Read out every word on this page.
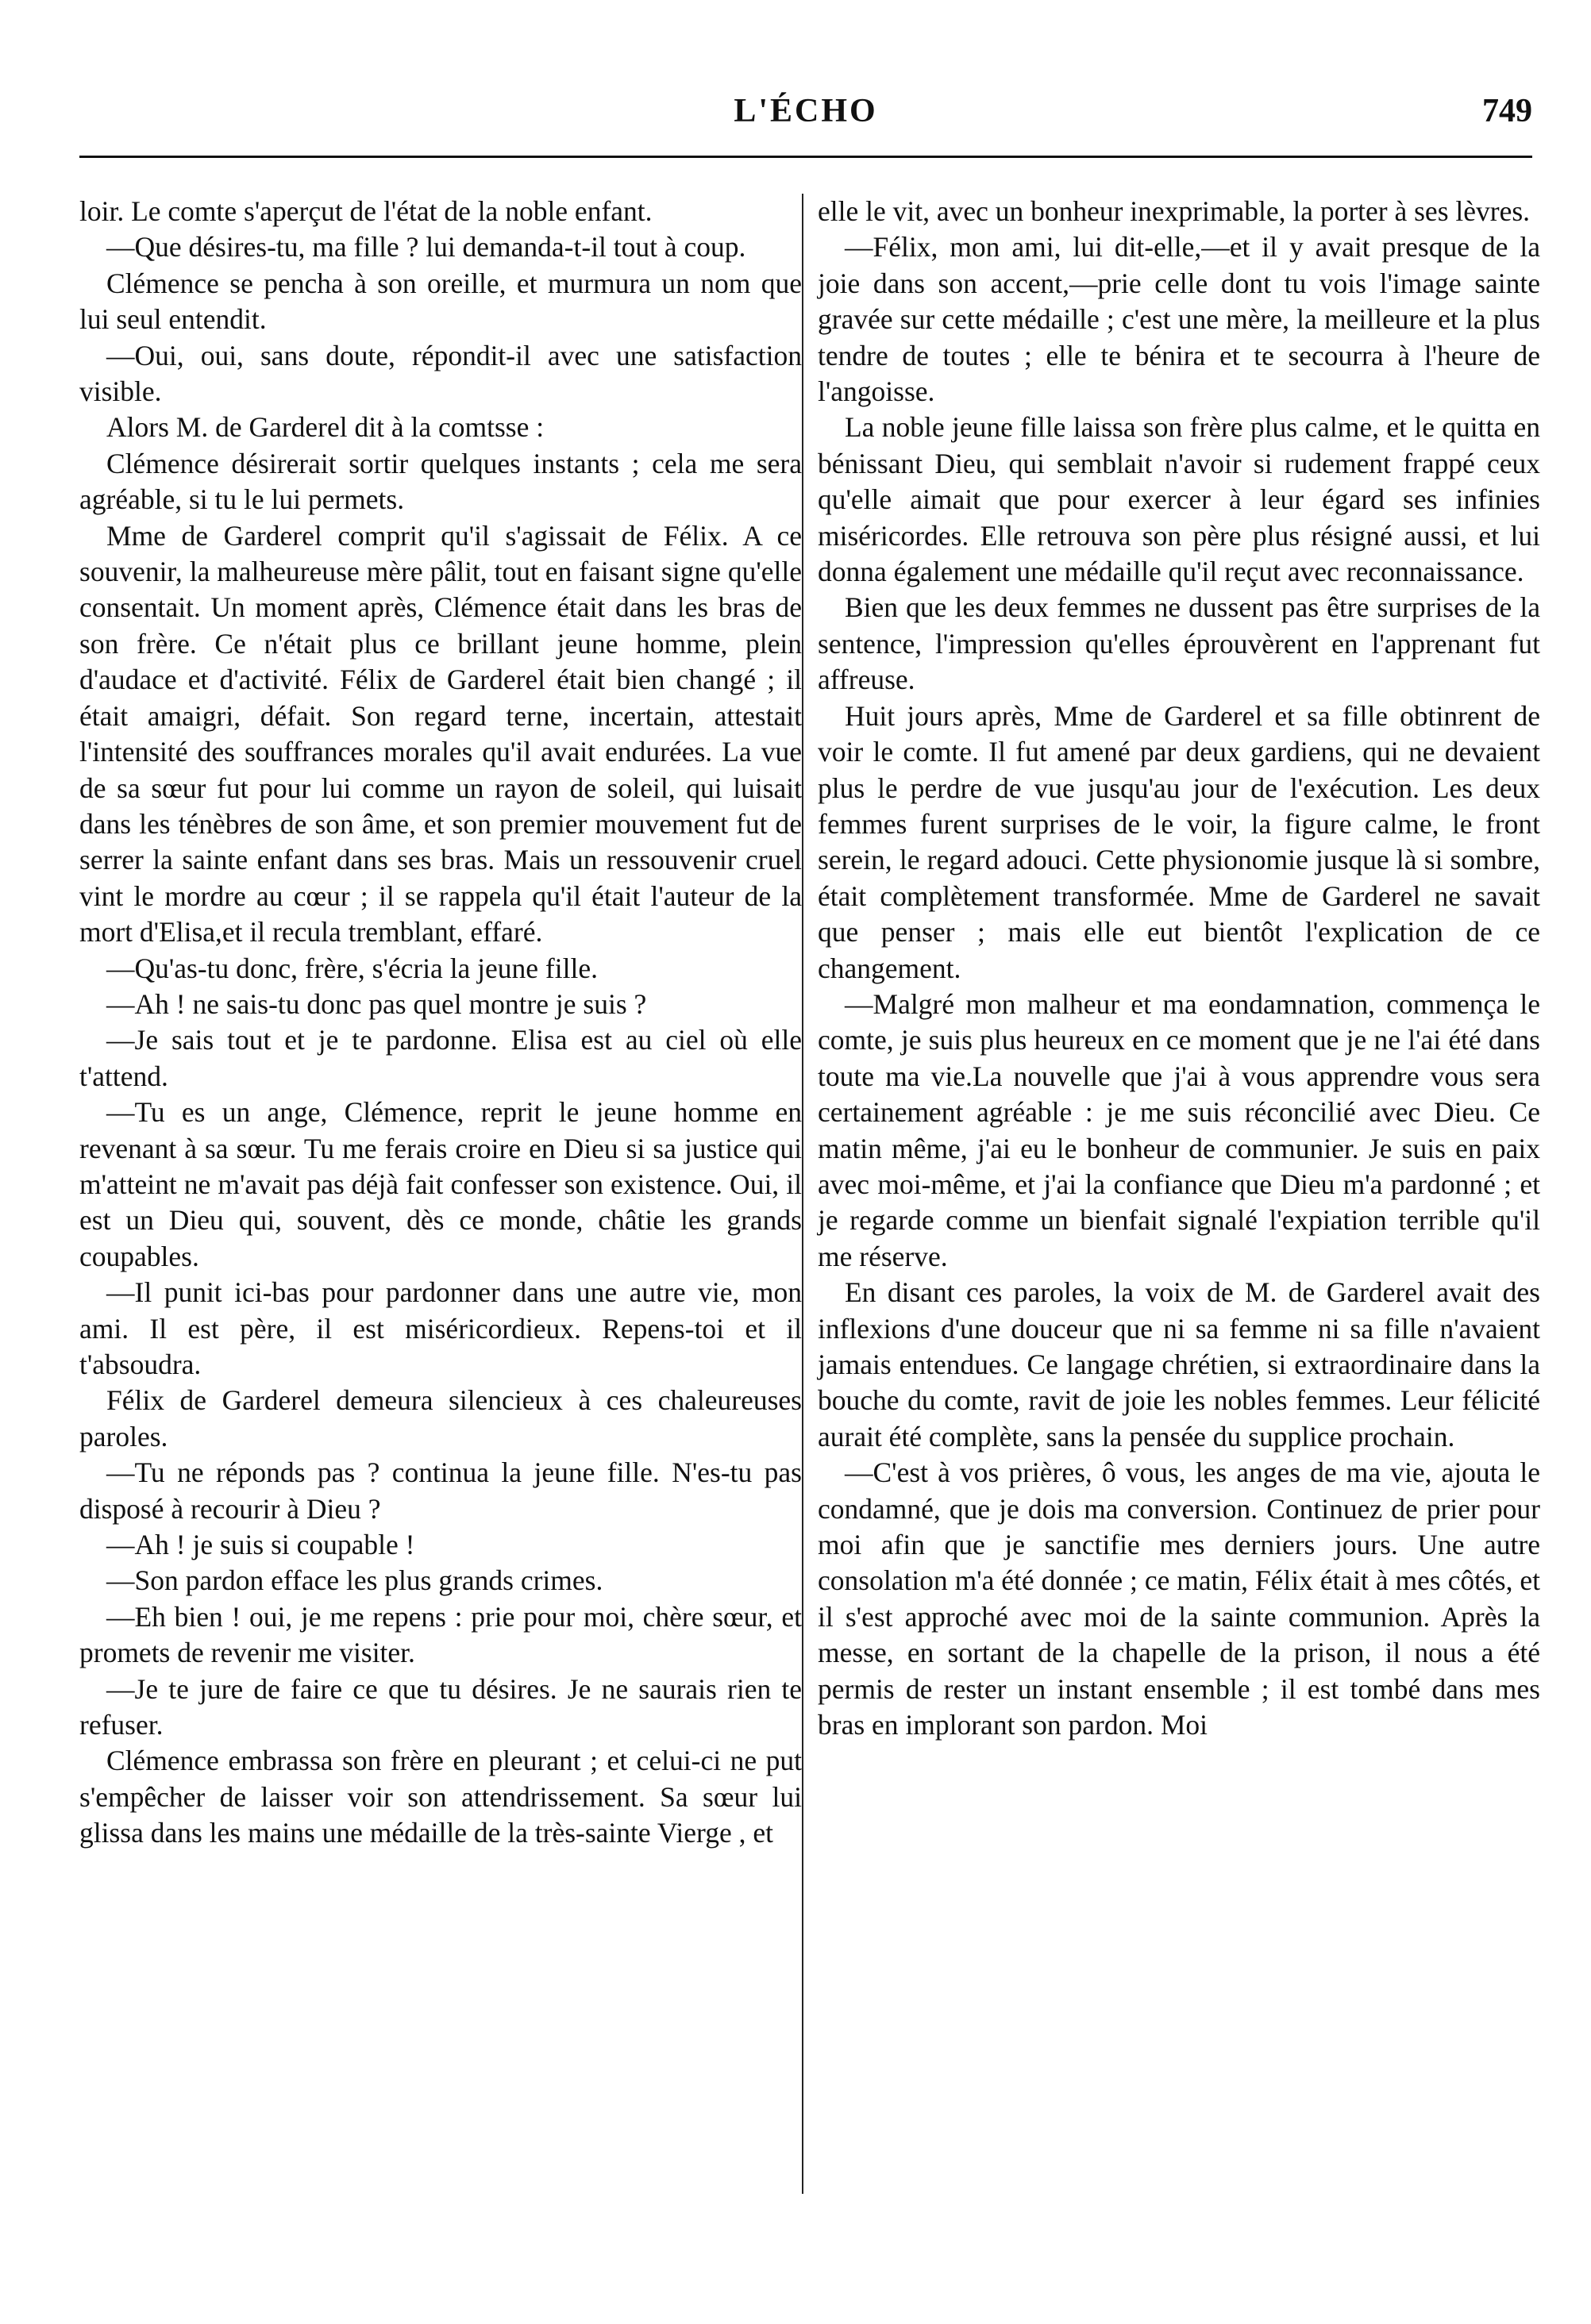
L'ÉCHO	749

loir. Le comte s'aperçut de l'état de la noble enfant.

—Que désires-tu, ma fille ? lui demanda-t-il tout à coup.

Clémence se pencha à son oreille, et murmura un nom que lui seul entendit.

—Oui, oui, sans doute, répondit-il avec une satisfaction visible.

Alors M. de Garderel dit à la comtsse :

Clémence désirerait sortir quelques instants ; cela me sera agréable, si tu le lui permets.

Mme de Garderel comprit qu'il s'agissait de Félix. A ce souvenir, la malheureuse mère pâlit, tout en faisant signe qu'elle consentait. Un moment après, Clémence était dans les bras de son frère. Ce n'était plus ce brillant jeune homme, plein d'audace et d'activité. Félix de Garderel était bien changé ; il était amaigri, défait. Son regard terne, incertain, attestait l'intensité des souffrances morales qu'il avait endurées. La vue de sa sœur fut pour lui comme un rayon de soleil, qui luisait dans les ténèbres de son âme, et son premier mouvement fut de serrer la sainte enfant dans ses bras. Mais un ressouvenir cruel vint le mordre au cœur ; il se rappela qu'il était l'auteur de la mort d'Elisa,et il recula tremblant, effaré.

—Qu'as-tu donc, frère, s'écria la jeune fille.

—Ah ! ne sais-tu donc pas quel montre je suis ?

—Je sais tout et je te pardonne. Elisa est au ciel où elle t'attend.

—Tu es un ange, Clémence, reprit le jeune homme en revenant à sa sœur. Tu me ferais croire en Dieu si sa justice qui m'atteint ne m'avait pas déjà fait confesser son existence. Oui, il est un Dieu qui, souvent, dès ce monde, châtie les grands coupables.

—Il punit ici-bas pour pardonner dans une autre vie, mon ami. Il est père, il est miséricordieux. Repens-toi et il t'absoudra.

Félix de Garderel demeura silencieux à ces chaleureuses paroles.

—Tu ne réponds pas ? continua la jeune fille. N'es-tu pas disposé à recourir à Dieu ?

—Ah ! je suis si coupable !

—Son pardon efface les plus grands crimes.

—Eh bien ! oui, je me repens : prie pour moi, chère sœur, et promets de revenir me visiter.

—Je te jure de faire ce que tu désires. Je ne saurais rien te refuser.

Clémence embrassa son frère en pleurant ; et celui-ci ne put s'empêcher de laisser voir son attendrissement. Sa sœur lui glissa dans les mains une médaille de la très-sainte Vierge , et

elle le vit, avec un bonheur inexprimable, la porter à ses lèvres.

—Félix, mon ami, lui dit-elle,—et il y avait presque de la joie dans son accent,—prie celle dont tu vois l'image sainte gravée sur cette médaille ; c'est une mère, la meilleure et la plus tendre de toutes ; elle te bénira et te secourra à l'heure de l'angoisse.

La noble jeune fille laissa son frère plus calme, et le quitta en bénissant Dieu, qui semblait n'avoir si rudement frappé ceux qu'elle aimait que pour exercer à leur égard ses infinies miséricordes. Elle retrouva son père plus résigné aussi, et lui donna également une médaille qu'il reçut avec reconnaissance.

Bien que les deux femmes ne dussent pas être surprises de la sentence, l'impression qu'elles éprouvèrent en l'apprenant fut affreuse.

Huit jours après, Mme de Garderel et sa fille obtinrent de voir le comte. Il fut amené par deux gardiens, qui ne devaient plus le perdre de vue jusqu'au jour de l'exécution. Les deux femmes furent surprises de le voir, la figure calme, le front serein, le regard adouci. Cette physionomie jusque là si sombre, était complètement transformée. Mme de Garderel ne savait que penser ; mais elle eut bientôt l'explication de ce changement.

—Malgré mon malheur et ma eondamnation, commença le comte, je suis plus heureux en ce moment que je ne l'ai été dans toute ma vie.La nouvelle que j'ai à vous apprendre vous sera certainement agréable : je me suis réconcilié avec Dieu. Ce matin même, j'ai eu le bonheur de communier. Je suis en paix avec moi-même, et j'ai la confiance que Dieu m'a pardonné ; et je regarde comme un bienfait signalé l'expiation terrible qu'il me réserve.

En disant ces paroles, la voix de M. de Garderel avait des inflexions d'une douceur que ni sa femme ni sa fille n'avaient jamais entendues. Ce langage chrétien, si extraordinaire dans la bouche du comte, ravit de joie les nobles femmes. Leur félicité aurait été complète, sans la pensée du supplice prochain.

—C'est à vos prières, ô vous, les anges de ma vie, ajouta le condamné, que je dois ma conversion. Continuez de prier pour moi afin que je sanctifie mes derniers jours. Une autre consolation m'a été donnée ; ce matin, Félix était à mes côtés, et il s'est approché avec moi de la sainte communion. Après la messe, en sortant de la chapelle de la prison, il nous a été permis de rester un instant ensemble ; il est tombé dans mes bras en implorant son pardon. Moi
